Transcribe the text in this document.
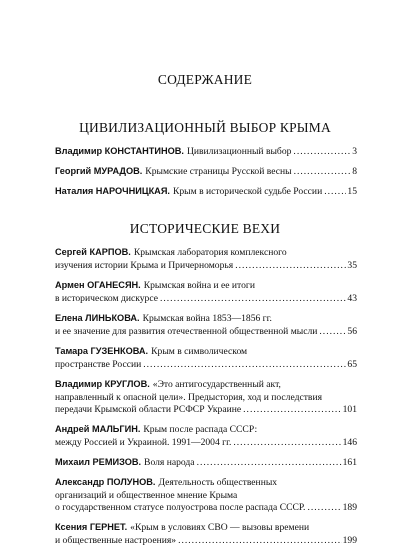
СОДЕРЖАНИЕ
ЦИВИЛИЗАЦИОННЫЙ ВЫБОР КРЫМА
Владимир КОНСТАНТИНОВ. Цивилизационный выбор .....	3
Георгий МУРАДОВ. Крымские страницы Русской весны .....	8
Наталия НАРОЧНИЦКАЯ. Крым в исторической судьбе России .....	15
ИСТОРИЧЕСКИЕ ВЕХИ
Сергей КАРПОВ. Крымская лаборатория комплексного
изучения истории Крыма и Причерноморья .....	35
Армен ОГАНЕСЯН. Крымская война и ее итоги
в историческом дискурсе .....	43
Елена ЛИНЬКОВА. Крымская война 1853—1856 гг.
и ее значение для развития отечественной общественной мысли .....	56
Тамара ГУЗЕНКОВА. Крым в символическом
пространстве России .....	65
Владимир КРУГЛОВ. «Это антигосударственный акт,
направленный к опасной цели». Предыстория, ход и последствия
передачи Крымской области РСФСР Украине .....	101
Андрей МАЛЬГИН. Крым после распада СССР:
между Россией и Украиной. 1991—2004 гг. .....	146
Михаил РЕМИЗОВ. Воля народа .....	161
Александр ПОЛУНОВ. Деятельность общественных
организаций и общественное мнение Крыма
о государственном статусе полуострова после распада СССР. .....	189
Ксения ГЕРНЕТ. «Крым в условиях СВО — вызовы времени
и общественные настроения» .....	199
